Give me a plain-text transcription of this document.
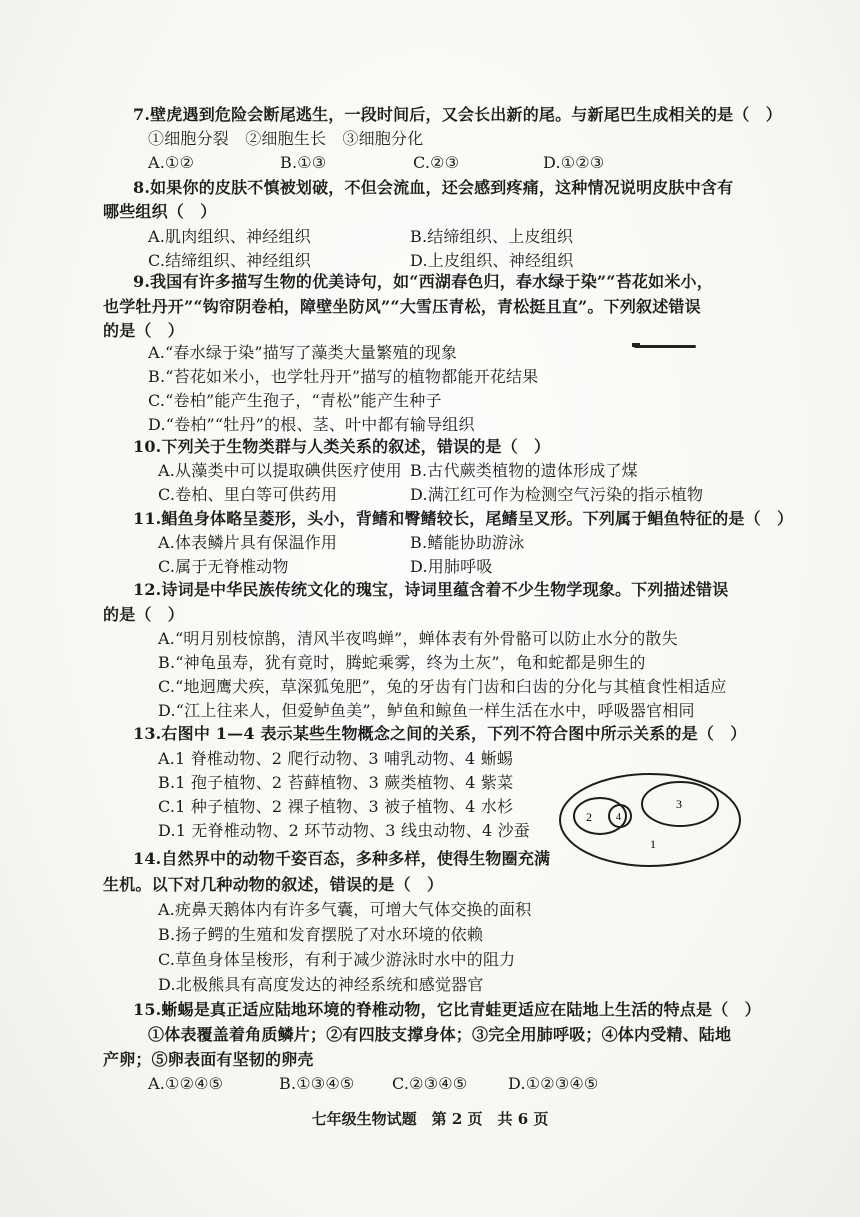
7.壁虎遇到危险会断尾逃生，一段时间后，又会长出新的尾。与新尾巴生成相关的是（　）
①细胞分裂　②细胞生长　③细胞分化
A.①②	B.①③	C.②③	D.①②③
8.如果你的皮肤不慎被划破，不但会流血，还会感到疼痛，这种情况说明皮肤中含有
哪些组织（　）
A.肌肉组织、神经组织	B.结缔组织、上皮组织
C.结缔组织、神经组织	D.上皮组织、神经组织
9.我国有许多描写生物的优美诗句，如“西湖春色归，春水绿于染”“苔花如米小，
也学牡丹开”“钩帘阴卷柏，障壁坐防风”“大雪压青松，青松挺且直”。下列叙述错误
的是（　）
A.“春水绿于染”描写了藻类大量繁殖的现象
B.“苔花如米小，也学牡丹开”描写的植物都能开花结果
C.“卷柏”能产生孢子，“青松”能产生种子
D.“卷柏”“牡丹”的根、茎、叶中都有输导组织
10.下列关于生物类群与人类关系的叙述，错误的是（　）
A.从藻类中可以提取碘供医疗使用 B.古代蕨类植物的遗体形成了煤
C.卷柏、里白等可供药用	D.满江红可作为检测空气污染的指示植物
11.鲳鱼身体略呈菱形，头小，背鳍和臀鳍较长，尾鳍呈叉形。下列属于鲳鱼特征的是（　）
A.体表鳞片具有保温作用	B.鳍能协助游泳
C.属于无脊椎动物	D.用肺呼吸
12.诗词是中华民族传统文化的瑰宝，诗词里蕴含着不少生物学现象。下列描述错误
的是（　）
A.“明月别枝惊鹊，清风半夜鸣蝉”，蝉体表有外骨骼可以防止水分的散失
B.“神龟虽寿，犹有竟时，腾蛇乘雾，终为土灰”，龟和蛇都是卵生的
C.“地迥鹰犬疾，草深狐兔肥”，兔的牙齿有门齿和臼齿的分化与其植食性相适应
D.“江上往来人，但爱鲈鱼美”，鲈鱼和鲸鱼一样生活在水中，呼吸器官相同
13.右图中 1—4 表示某些生物概念之间的关系，下列不符合图中所示关系的是（　）
A.1 脊椎动物、2 爬行动物、3 哺乳动物、4 蜥蜴
B.1 孢子植物、2 苔藓植物、3 蕨类植物、4 紫菜
C.1 种子植物、2 裸子植物、3 被子植物、4 水杉
D.1 无脊椎动物、2 环节动物、3 线虫动物、4 沙蚕
2 4
3
1
14.自然界中的动物千姿百态，多种多样，使得生物圈充满
生机。以下对几种动物的叙述，错误的是（　）
A.疣鼻天鹅体内有许多气囊，可增大气体交换的面积
B.扬子鳄的生殖和发育摆脱了对水环境的依赖
C.草鱼身体呈梭形，有利于减少游泳时水中的阻力
D.北极熊具有高度发达的神经系统和感觉器官
15.蜥蜴是真正适应陆地环境的脊椎动物，它比青蛙更适应在陆地上生活的特点是（　）
①体表覆盖着角质鳞片；②有四肢支撑身体；③完全用肺呼吸；④体内受精、陆地
产卵；⑤卵表面有坚韧的卵壳
A.①②④⑤	B.①③④⑤ C.②③④⑤	D.①②③④⑤
七年级生物试题　第 2 页　共 6 页
